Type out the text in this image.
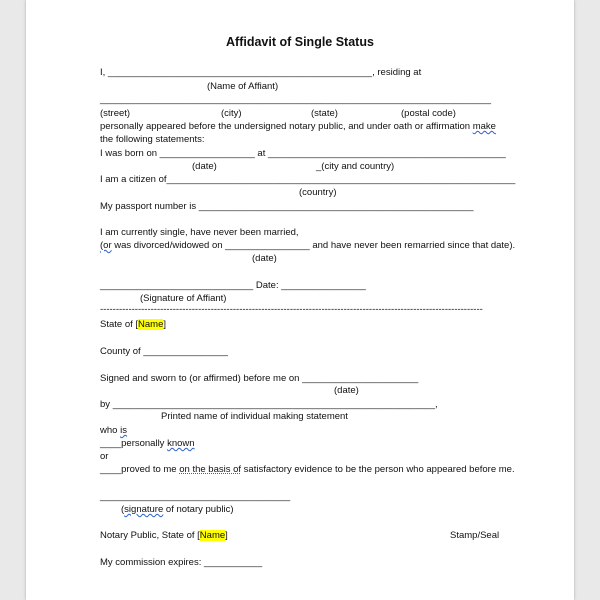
Affidavit of Single Status
I, __________________________________________________, residing at
(Name of Affiant)
__________________________________________________________________________
(street)	(city)	(state)	(postal code)
personally appeared before the undersigned notary public, and under oath or affirmation make
the following statements:
I was born on __________________ at _____________________________________________
(date)	_(city and country)
I am a citizen of__________________________________________________________________
(country)
My passport number is ____________________________________________________
I am currently single, have never been married,
(or was divorced/widowed on ________________ and have never been remarried since that date).
(date)
_____________________________ Date: ________________
(Signature of Affiant)
-------------------------------------------------------------------------------------------------------------------------
State of [Name]
County of ________________
Signed and sworn to (or affirmed) before me on ______________________
(date)
by _____________________________________________________________,
Printed name of individual making statement
who is
____personally known
or
____proved to me on the basis of satisfactory evidence to be the person who appeared before me.
____________________________________
(signature of notary public)
Notary Public, State of [Name]	Stamp/Seal
My commission expires: ___________
